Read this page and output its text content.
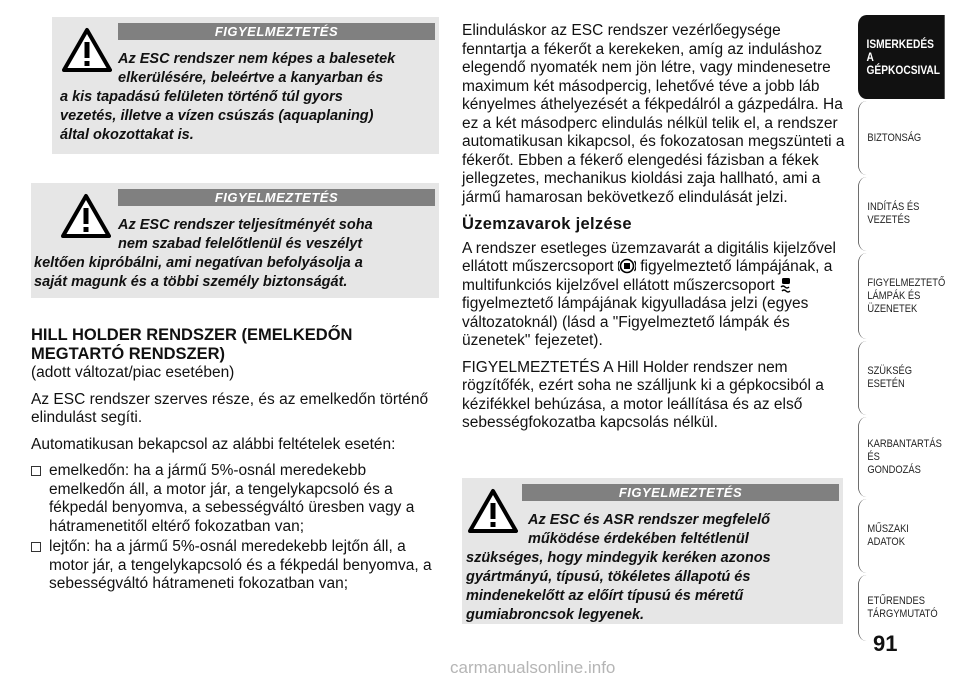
FIGYELMEZTETÉS

Az ESC rendszer nem képes a balesetek

elkerülésére, beleértve a kanyarban és

a kis tapadású felületen történő túl gyors

vezetés, illetve a vízen csúszás (aquaplaning)

által okozottakat is.

FIGYELMEZTETÉS

Az ESC rendszer teljesítményét soha

nem szabad felelőtlenül és veszélyt

keltően kipróbálni, ami negatívan befolyásolja a

saját magunk és a többi személy biztonságát.

HILL HOLDER RENDSZER (EMELKEDŐN
MEGTARTÓ RENDSZER)

(adott változat/piac esetében)

Az ESC rendszer szerves része, és az emelkedőn történő elindulást segíti.

Automatikusan bekapcsol az alábbi feltételek esetén:

emelkedőn: ha a jármű 5%-osnál meredekebb emelkedőn áll, a motor jár, a tengelykapcsoló és a fékpedál benyomva, a sebességváltó üresben vagy a hátramenetitől eltérő fokozatban van;
lejtőn: ha a jármű 5%-osnál meredekebb lejtőn áll, a motor jár, a tengelykapcsoló és a fékpedál benyomva, a sebességváltó hátrameneti fokozatban van;

Elinduláskor az ESC rendszer vezérlőegysége fenntartja a fékerőt a kerekeken, amíg az induláshoz elegendő nyomaték nem jön létre, vagy mindenesetre maximum két másodpercig, lehetővé téve a jobb láb kényelmes áthelyezését a fékpedálról a gázpedálra. Ha ez a két másodperc elindulás nélkül telik el, a rendszer automatikusan kikapcsol, és fokozatosan megszünteti a fékerőt. Ebben a fékerő elengedési fázisban a fékek jellegzetes, mechanikus kioldási zaja hallható, ami a jármű hamarosan bekövetkező elindulását jelzi.

Üzemzavarok jelzése

A rendszer esetleges üzemzavarát a digitális kijelzővel ellátott műszercsoport figyelmeztető lámpájának, a multifunkciós kijelzővel ellátott műszercsoport  figyelmeztető lámpájának kigyulladása jelzi (egyes változatoknál) (lásd a "Figyelmeztető lámpák és üzenetek" fejezetet).

FIGYELMEZTETÉS A Hill Holder rendszer nem rögzítőfék, ezért soha ne szálljunk ki a gépkocsiból a kézifékkel behúzása, a motor leállítása és az első sebességfokozatba kapcsolás nélkül.

FIGYELMEZTETÉS

Az ESC és ASR rendszer megfelelő

működése érdekében feltétlenül

szükséges, hogy mindegyik keréken azonos

gyártmányú, típusú, tökéletes állapotú és

mindenekelőtt az előírt típusú és méretű

gumiabroncsok legyenek.

ISMERKEDÉS A
GÉPKOCSIVAL
BIZTONSÁG
INDÍTÁS ÉS VEZETÉS
FIGYELMEZTETŐ
LÁMPÁK ÉS
ÜZENETEK
SZÜKSÉG ESETÉN
KARBANTARTÁS ÉS
GONDOZÁS
MŰSZAKI ADATOK
ETŰRENDES
TÁRGYMUTATÓ
91
carmanualsonline.info
